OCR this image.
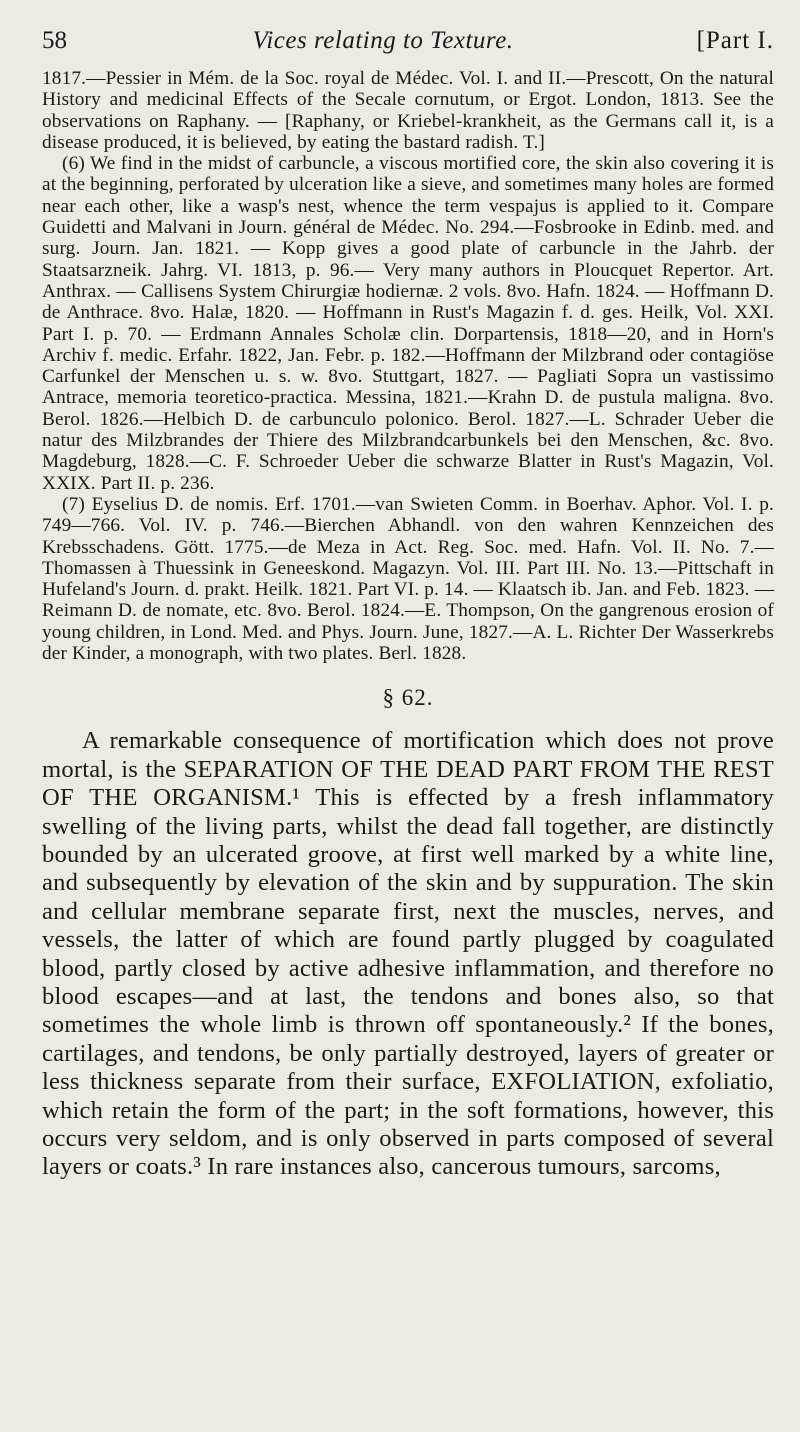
58	Vices relating to Texture.	[Part I.

1817.—Pessier in Mém. de la Soc. royal de Médec. Vol. I. and II.—Prescott, On the natural History and medicinal Effects of the Secale cornutum, or Ergot. London, 1813. See the observations on Raphany. — [Raphany, or Kriebel-krankheit, as the Germans call it, is a disease produced, it is believed, by eating the bastard radish. T.]

(6) We find in the midst of carbuncle, a viscous mortified core, the skin also covering it is at the beginning, perforated by ulceration like a sieve, and sometimes many holes are formed near each other, like a wasp's nest, whence the term vespajus is applied to it. Compare Guidetti and Malvani in Journ. général de Médec. No. 294.—Fosbrooke in Edinb. med. and surg. Journ. Jan. 1821. — Kopp gives a good plate of carbuncle in the Jahrb. der Staatsarzneik. Jahrg. VI. 1813, p. 96.— Very many authors in Ploucquet Repertor. Art. Anthrax. — Callisens System Chirurgiæ hodiernæ. 2 vols. 8vo. Hafn. 1824. — Hoffmann D. de Anthrace. 8vo. Halæ, 1820. — Hoffmann in Rust's Magazin f. d. ges. Heilk, Vol. XXI. Part I. p. 70. — Erdmann Annales Scholæ clin. Dorpartensis, 1818—20, and in Horn's Archiv f. medic. Erfahr. 1822, Jan. Febr. p. 182.—Hoffmann der Milzbrand oder contagiöse Carfunkel der Menschen u. s. w. 8vo. Stuttgart, 1827. — Pagliati Sopra un vastissimo Antrace, memoria teoretico-practica. Messina, 1821.—Krahn D. de pustula maligna. 8vo. Berol. 1826.—Helbich D. de carbunculo polonico. Berol. 1827.—L. Schrader Ueber die natur des Milzbrandes der Thiere des Milzbrandcarbunkels bei den Menschen, &c. 8vo. Magdeburg, 1828.—C. F. Schroeder Ueber die schwarze Blatter in Rust's Magazin, Vol. XXIX. Part II. p. 236.

(7) Eyselius D. de nomis. Erf. 1701.—van Swieten Comm. in Boerhav. Aphor. Vol. I. p. 749—766. Vol. IV. p. 746.—Bierchen Abhandl. von den wahren Kennzeichen des Krebsschadens. Gött. 1775.—de Meza in Act. Reg. Soc. med. Hafn. Vol. II. No. 7.—Thomassen à Thuessink in Geneeskond. Magazyn. Vol. III. Part III. No. 13.—Pittschaft in Hufeland's Journ. d. prakt. Heilk. 1821. Part VI. p. 14. — Klaatsch ib. Jan. and Feb. 1823. — Reimann D. de nomate, etc. 8vo. Berol. 1824.—E. Thompson, On the gangrenous erosion of young children, in Lond. Med. and Phys. Journ. June, 1827.—A. L. Richter Der Wasserkrebs der Kinder, a monograph, with two plates. Berl. 1828.

§ 62.

A remarkable consequence of mortification which does not prove mortal, is the SEPARATION OF THE DEAD PART FROM THE REST OF THE ORGANISM.¹ This is effected by a fresh inflammatory swelling of the living parts, whilst the dead fall together, are distinctly bounded by an ulcerated groove, at first well marked by a white line, and subsequently by elevation of the skin and by suppuration. The skin and cellular membrane separate first, next the muscles, nerves, and vessels, the latter of which are found partly plugged by coagulated blood, partly closed by active adhesive inflammation, and therefore no blood escapes—and at last, the tendons and bones also, so that sometimes the whole limb is thrown off spontaneously.² If the bones, cartilages, and tendons, be only partially destroyed, layers of greater or less thickness separate from their surface, EXFOLIATION, exfoliatio, which retain the form of the part; in the soft formations, however, this occurs very seldom, and is only observed in parts composed of several layers or coats.³ In rare instances also, cancerous tumours, sarcoms,
